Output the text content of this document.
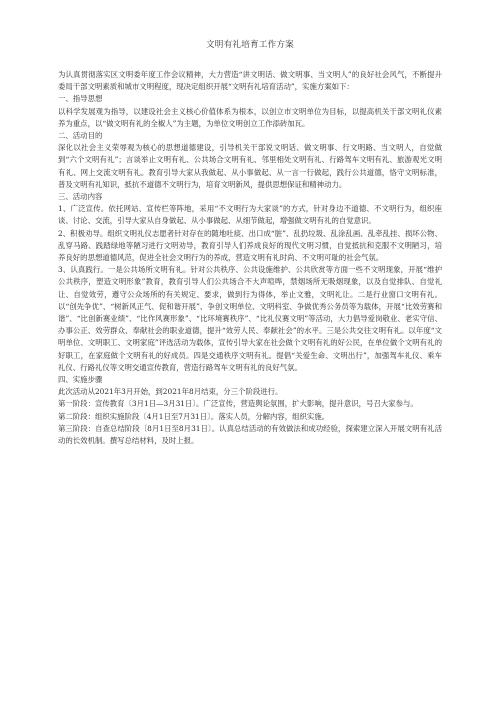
文明有礼培育工作方案

为认真贯彻落实区文明委年度工作会议精神，大力营造“讲文明话、做文明事、当文明人”的良好社会风气，不断提升委局干部文明素质和城市文明程度，现决定组织开展“文明有礼培育活动”，实施方案如下：

一、指导思想

以科学发展观为指导，以建设社会主义核心价值体系为根本，以创立市文明单位为目标，以提高机关干部文明礼仪素养为重点，以“做文明有礼的全椒人”为主题，为单位文明创立工作添砖加瓦。

二、活动目的

深化以社会主义荣辱观为核心的思想道德建设，引导机关干部说文明话、做文明事、行文明路、当文明人，自觉做到“六个文明有礼”；言谈举止文明有礼、公共场合文明有礼、邻里相处文明有礼、行路驾车文明有礼、旅游观光文明有礼、网上交流文明有礼。教育引导大家从我做起、从小事做起、从一言一行做起，践行公共道德，恪守文明标准，普及文明有礼知识，抵抗不道德不文明行为，培育文明新风，提供思想保证和精神动力。

三、活动内容

1、广泛宣传。依托网站、宣传栏等阵地，采用“不文明行为大家谈”的方式，针对身边不道德、不文明行为，组织座谈、讨论、交流，引导大家从自身做起、从小事做起、从细节做起，增强做文明有礼的自觉意识。

2、积极劝导。组织文明礼仪志愿者针对存在的随地吐痰、出口成“脏”、乱扔垃圾、乱涂乱画、乱牵乱挂、损坏公物、乱穿马路、践踏绿地等陋习进行文明劝导，教育引导人们养成良好的现代文明习惯，自觉抵抗和克服不文明陋习，培养良好的思想道德风范，促进全社会文明行为的养成，营造文明有礼时尚、不文明可耻的社会气氛。

3、认真践行。一是公共场所文明有礼。针对公共秩序、公共设施维护、公共欣赏等方面一些不文明现象，开展“维护公共秩序，塑造文明形象”教育，教育引导人们公共场合不大声喧哗，禁烟场所无吸烟现象，以及自觉排队、自觉礼让、自觉效劳，遵守公众场所的有关规定、要求，做到行为得体，举止文雅，文明礼让。二是行业窗口文明有礼。以“创先争优”、“树新风正气、促和谐开展”、争创文明单位、文明科室、争做优秀公务员等为载体，开展“比效劳赛和谐”、“比创新赛业绩”、“比作风赛形象”、“比环境赛秩序”、“比礼仪赛文明”等活动，大力倡导爱岗敬业、老实守信、办事公正、效劳群众、奉献社会的职业道德，提升“效劳人民、奉献社会”的水平。三是公共交往文明有礼。以年度“文明单位、文明职工、文明家庭”评选活动为载体，宣传引导大家在社会做个文明有礼的好公民，在单位做个文明有礼的好职工，在家庭做个文明有礼的好成员。四是交通秩序文明有礼。提倡“关爱生命、文明出行”，加强驾车礼仪、乘车礼仪、行路礼仪等文明交通宣传教育，营造行路驾车文明有礼的良好气氛。

四、实施步骤

此次活动从2021年3月开始，到2021年8月结束，分三个阶段进行。

第一阶段：宣传教育〔3月1日—3月31日〕。广泛宣传，营造舆论氛围，扩大影响，提升意识，号召大家参与。

第二阶段：组织实施阶段〔4月1日至7月31日〕。落实人员，分解内容，组织实施。

第三阶段：自查总结阶段〔8月1日至8月31日〕。认真总结活动的有效做法和成功经验，探索建立深入开展文明有礼活动的长效机制。撰写总结材料，及时上报。
